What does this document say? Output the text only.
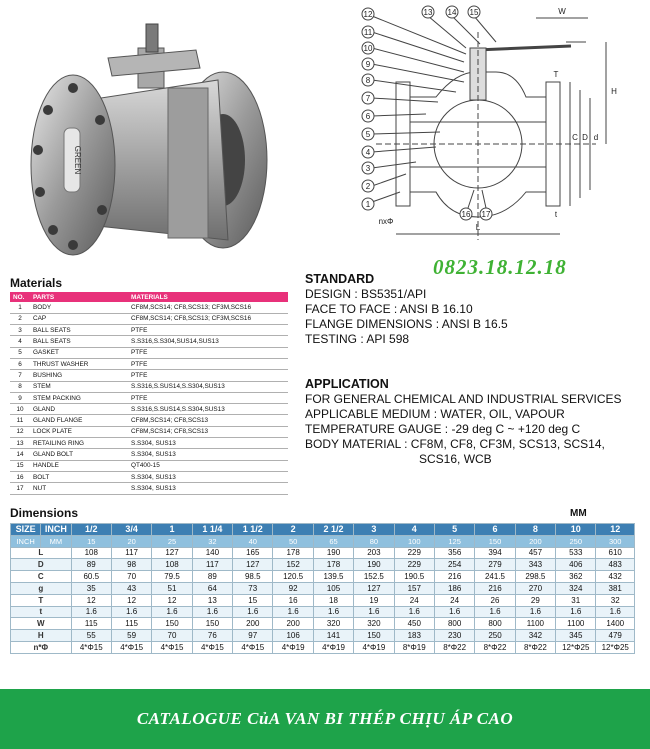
GREEN
12
11
10
9
8
7
6
5
4
3
2
1
13 14 15
16 17
L
H
T
C D d
nxΦ
t
W
0823.18.12.18
Materials
NO.	PARTS	MATERIALS
1	BODY	CF8M,SCS14; CF8,SCS13; CF3M,SCS16
2	CAP	CF8M,SCS14; CF8,SCS13; CF3M,SCS16
3	BALL SEATS	PTFE
4	BALL SEATS	S.S316,S.S304,SUS14,SUS13
5	GASKET	PTFE
6	THRUST WASHER	PTFE
7	BUSHING	PTFE
8	STEM	S.S316,S.SUS14,S.S304,SUS13
9	STEM PACKING	PTFE
10	GLAND	S.S316,S.SUS14,S.S304,SUS13
11	GLAND FLANGE	CF8M,SCS14; CF8,SCS13
12	LOCK PLATE	CF8M,SCS14; CF8,SCS13
13	RETAILING RING	S.S304, SUS13
14	GLAND BOLT	S.S304, SUS13
15	HANDLE	QT400-15
16	BOLT	S.S304, SUS13
17	NUT	S.S304, SUS13
STANDARD
DESIGN : BS5351/API
FACE TO FACE : ANSI B 16.10
FLANGE DIMENSIONS : ANSI B 16.5
TESTING : API 598
APPLICATION
FOR GENERAL CHEMICAL AND INDUSTRIAL SERVICES
APPLICABLE MEDIUM : WATER, OIL, VAPOUR
TEMPERATURE GAUGE : -29 deg C ~ +120 deg C
BODY MATERIAL : CF8M, CF8, CF3M, SCS13, SCS14,
SCS16, WCB
Dimensions	MM
SIZE	INCH	1/2	3/4	1	1 1/4	1 1/2	2	2 1/2	3	4	5	6	8	10	12
INCH	MM	15	20	25	32	40	50	65	80	100	125	150	200	250	300
L		108	117	127	140	165	178	190	203	229	356	394	457	533	610
D		89	98	108	117	127	152	178	190	229	254	279	343	406	483
C		60.5	70	79.5	89	98.5	120.5	139.5	152.5	190.5	216	241.5	298.5	362	432
g		35	43	51	64	73	92	105	127	157	186	216	270	324	381
T		12	12	12	13	15	16	18	19	24	24	26	29	31	32
t		1.6	1.6	1.6	1.6	1.6	1.6	1.6	1.6	1.6	1.6	1.6	1.6	1.6	1.6
W		115	115	150	150	200	200	320	320	450	800	800	1100	1100	1400
H		55	59	70	76	97	106	141	150	183	230	250	342	345	479
n*Φ		4*Φ15	4*Φ15	4*Φ15	4*Φ15	4*Φ15	4*Φ19	4*Φ19	4*Φ19	8*Φ19	8*Φ22	8*Φ22	8*Φ22	12*Φ25	12*Φ25
CATALOGUE CủA VAN BI THÉP CHỊU ÁP CAO
